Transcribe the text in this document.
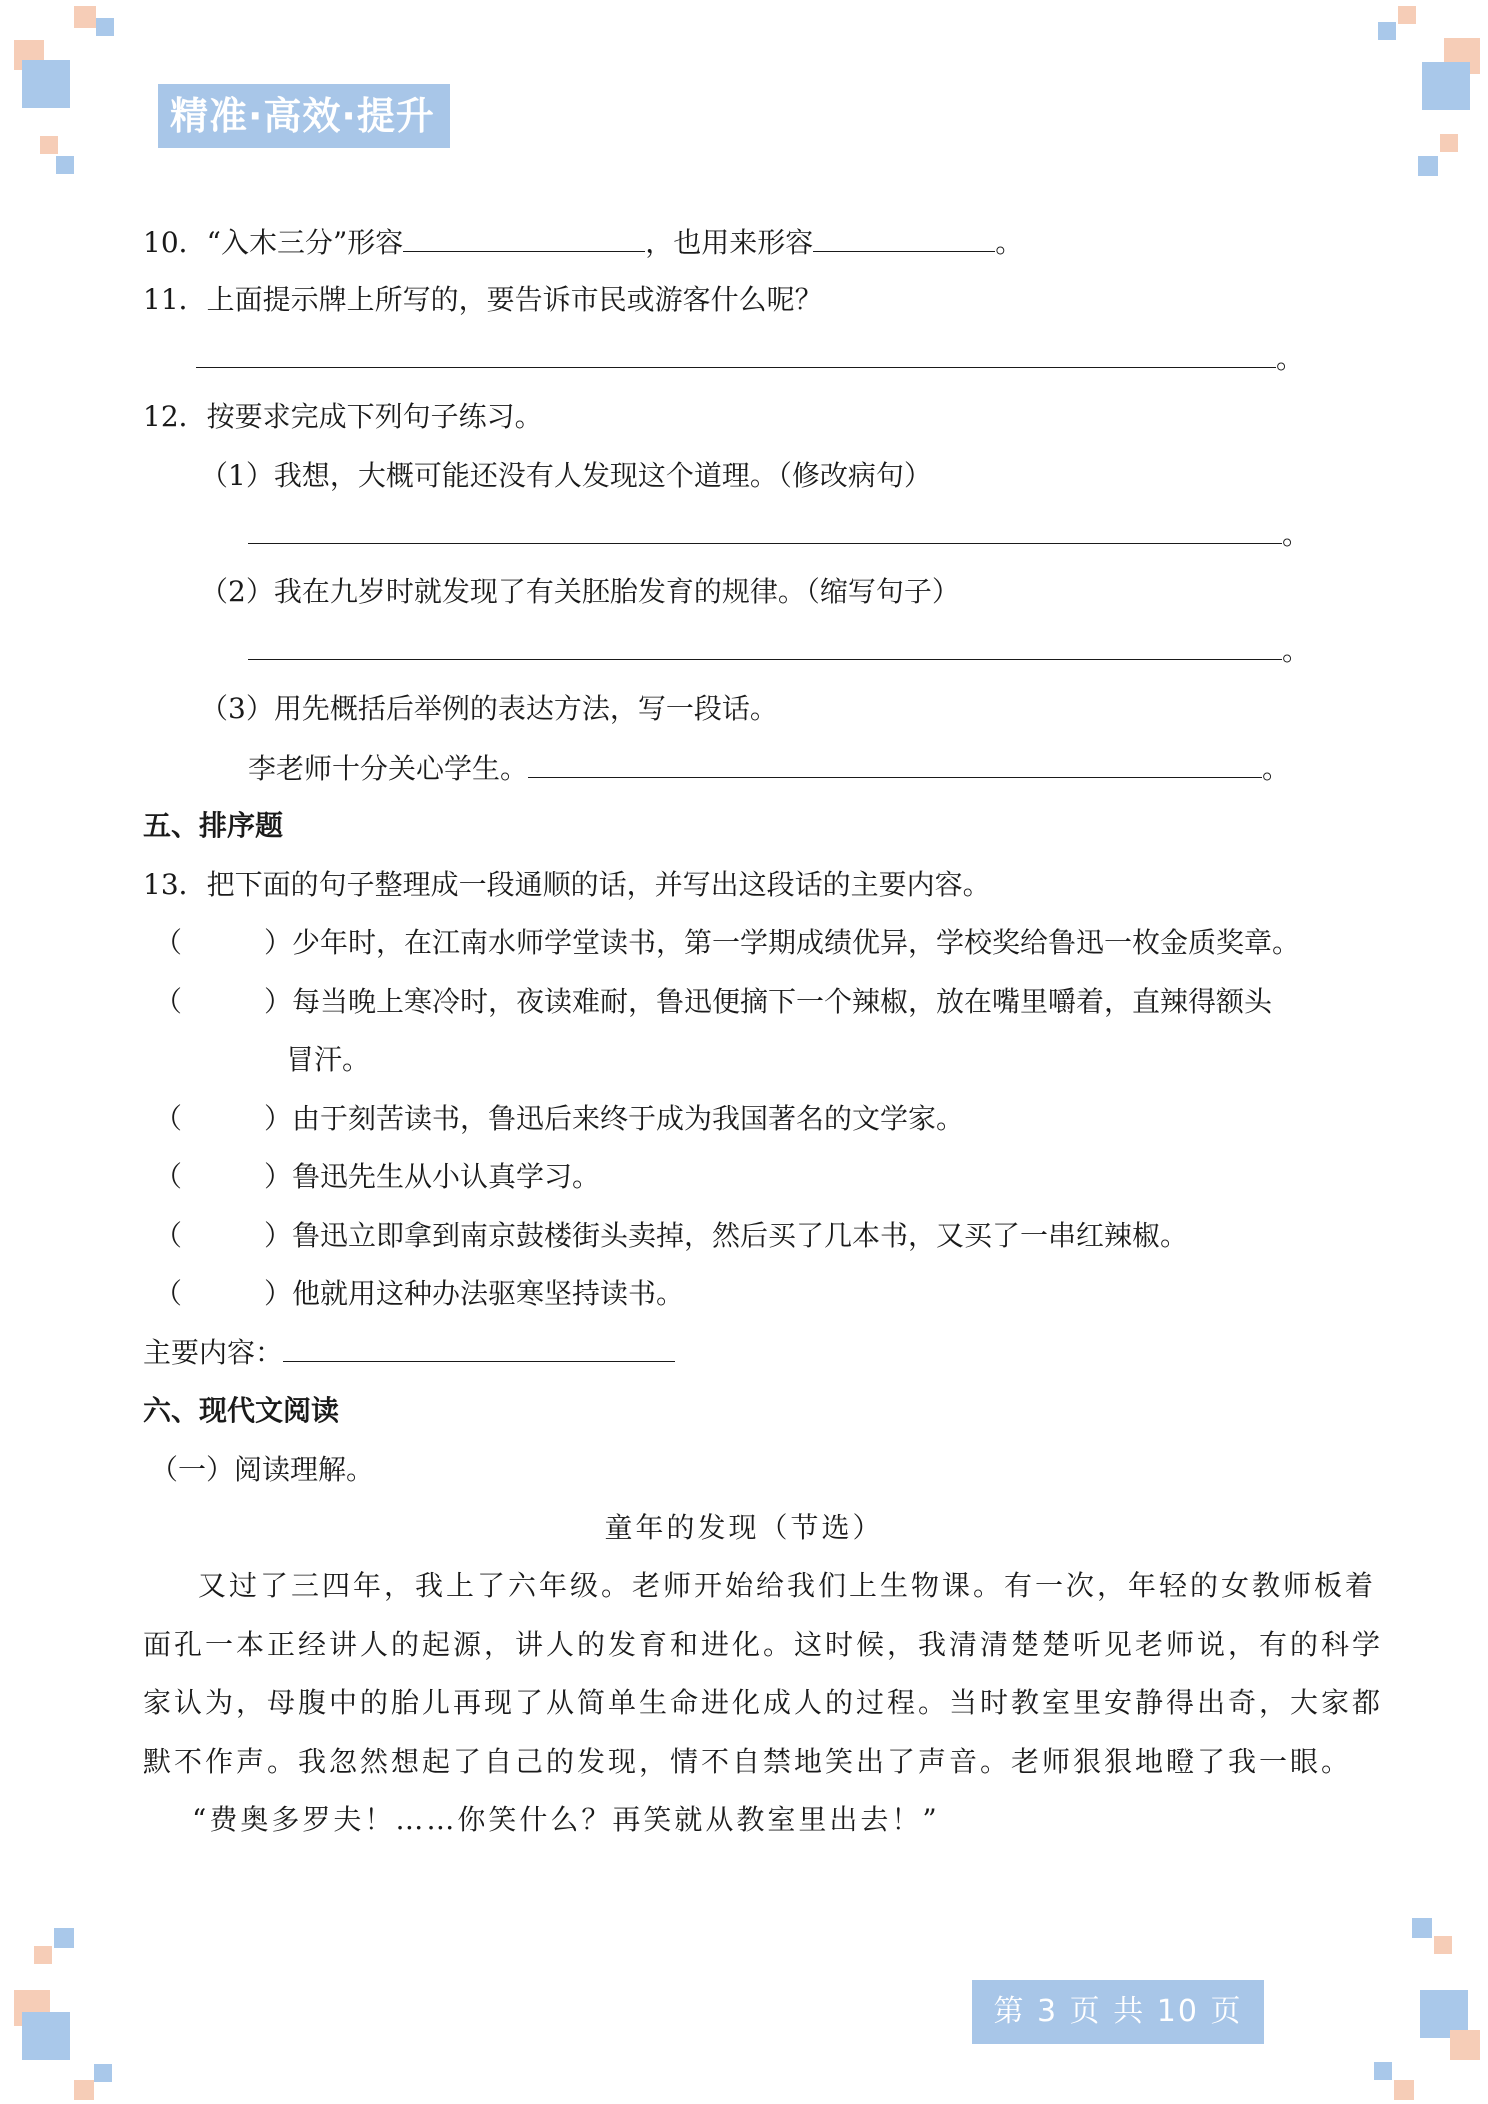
精准·高效·提升
10．“入木三分”形容	，也用来形容	。
11．上面提示牌上所写的，要告诉市民或游客什么呢？
。
12．按要求完成下列句子练习。
（1）我想，大概可能还没有人发现这个道理。（修改病句）
。
（2）我在九岁时就发现了有关胚胎发育的规律。（缩写句子）
。
（3）用先概括后举例的表达方法，写一段话。
李老师十分关心学生。	。
五、排序题
13．把下面的句子整理成一段通顺的话，并写出这段话的主要内容。
（	）少年时，在江南水师学堂读书，第一学期成绩优异，学校奖给鲁迅一枚金质奖章。
（	）每当晚上寒冷时，夜读难耐，鲁迅便摘下一个辣椒，放在嘴里嚼着，直辣得额头
冒汗。
（	）由于刻苦读书，鲁迅后来终于成为我国著名的文学家。
（	）鲁迅先生从小认真学习。
（	）鲁迅立即拿到南京鼓楼街头卖掉，然后买了几本书，又买了一串红辣椒。
（	）他就用这种办法驱寒坚持读书。
主要内容：
六、现代文阅读
（一）阅读理解。
童年的发现（节选）
又过了三四年，我上了六年级。老师开始给我们上生物课。有一次，年轻的女教师板着
面孔一本正经讲人的起源，讲人的发育和进化。这时候，我清清楚楚听见老师说，有的科学
家认为，母腹中的胎儿再现了从简单生命进化成人的过程。当时教室里安静得出奇，大家都
默不作声。我忽然想起了自己的发现，情不自禁地笑出了声音。老师狠狠地瞪了我一眼。
“费奥多罗夫！……你笑什么？再笑就从教室里出去！”
第 3 页 共 10 页
